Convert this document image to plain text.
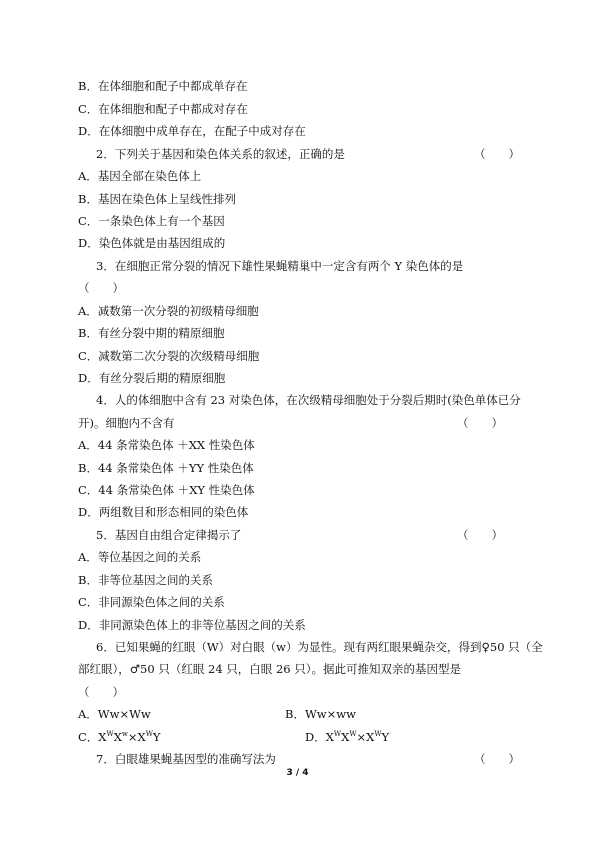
B．在体细胞和配子中都成单存在
C．在体细胞和配子中都成对存在
D．在体细胞中成单存在，在配子中成对存在
2．下列关于基因和染色体关系的叙述，正确的是	（　　）
A．基因全部在染色体上
B．基因在染色体上呈线性排列
C．一条染色体上有一个基因
D．染色体就是由基因组成的
3．在细胞正常分裂的情况下雄性果蝇精巢中一定含有两个 Y 染色体的是
（　　）
A．减数第一次分裂的初级精母细胞
B．有丝分裂中期的精原细胞
C．减数第二次分裂的次级精母细胞
D．有丝分裂后期的精原细胞
4．人的体细胞中含有 23 对染色体，在次级精母细胞处于分裂后期时(染色单体已分
开)。细胞内不含有	（　　）
A．44 条常染色体 ＋XX 性染色体
B．44 条常染色体 ＋YY 性染色体
C．44 条常染色体 ＋XY 性染色体
D．两组数目和形态相同的染色体
5．基因自由组合定律揭示了	（　　）
A．等位基因之间的关系
B．非等位基因之间的关系
C．非同源染色体之间的关系
D．非同源染色体上的非等位基因之间的关系
6．已知果蝇的红眼（W）对白眼（w）为显性。现有两红眼果蝇杂交，得到♀50 只（全
部红眼），♂50 只（红眼 24 只，白眼 26 只）。据此可推知双亲的基因型是
（　　）
A．Ww×Ww	B．Ww×ww
C．$X^WX^w\times X^WY$	D．$X^WX^W\times X^WY$
7．白眼雄果蝇基因型的准确写法为	（　　）
3 / 4
